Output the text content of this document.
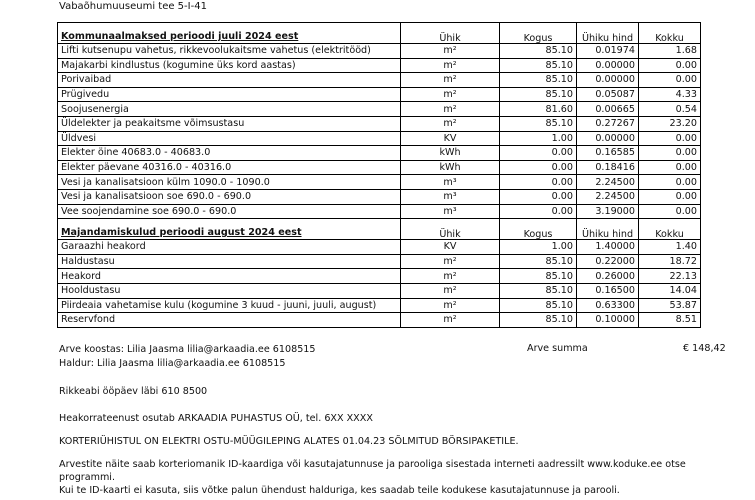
Vabaõhumuuseumi tee 5-I-41
Kommunaalmaksed perioodi juuli 2024 eest	Ühik	Kogus	Ühiku hind	Kokku
Lifti kutsenupu vahetus, rikkevoolukaitsme vahetus (elektritööd)	m²	85.10	0.01974	1.68
Majakarbi kindlustus (kogumine üks kord aastas)	m²	85.10	0.00000	0.00
Porivaibad	m²	85.10	0.00000	0.00
Prügivedu	m²	85.10	0.05087	4.33
Soojusenergia	m²	81.60	0.00665	0.54
Üldelekter ja peakaitsme võimsustasu	m²	85.10	0.27267	23.20
Üldvesi	KV	1.00	0.00000	0.00
Elekter öine 40683.0 - 40683.0	kWh	0.00	0.16585	0.00
Elekter päevane 40316.0 - 40316.0	kWh	0.00	0.18416	0.00
Vesi ja kanalisatsioon külm 1090.0 - 1090.0	m³	0.00	2.24500	0.00
Vesi ja kanalisatsioon soe 690.0 - 690.0	m³	0.00	2.24500	0.00
Vee soojendamine soe 690.0 - 690.0	m³	0.00	3.19000	0.00
Majandamiskulud perioodi august 2024 eest	Ühik	Kogus	Ühiku hind	Kokku
Garaazhi heakord	KV	1.00	1.40000	1.40
Haldustasu	m²	85.10	0.22000	18.72
Heakord	m²	85.10	0.26000	22.13
Hooldustasu	m²	85.10	0.16500	14.04
Piirdeaia vahetamise kulu (kogumine 3 kuud - juuni, juuli, august)	m²	85.10	0.63300	53.87
Reservfond	m²	85.10	0.10000	8.51
Arve koostas: Lilia Jaasma lilia@arkaadia.ee 6108515
Haldur: Lilia Jaasma lilia@arkaadia.ee 6108515
Arve summa	€ 148,42
Rikkeabi ööpäev läbi 610 8500
Heakorrateenust osutab ARKAADIA PUHASTUS OÜ, tel. 6XX XXXX
KORTERIÜHISTUL ON ELEKTRI OSTU-MÜÜGILEPING ALATES 01.04.23 SÕLMITUD BÖRSIPAKETILE.
Arvestite näite saab korteriomanik ID-kaardiga või kasutajatunnuse ja parooliga sisestada interneti aadressilt www.koduke.ee otse
programmi.
Kui te ID-kaarti ei kasuta, siis võtke palun ühendust halduriga, kes saadab teile kodukese kasutajatunnuse ja parooli.
